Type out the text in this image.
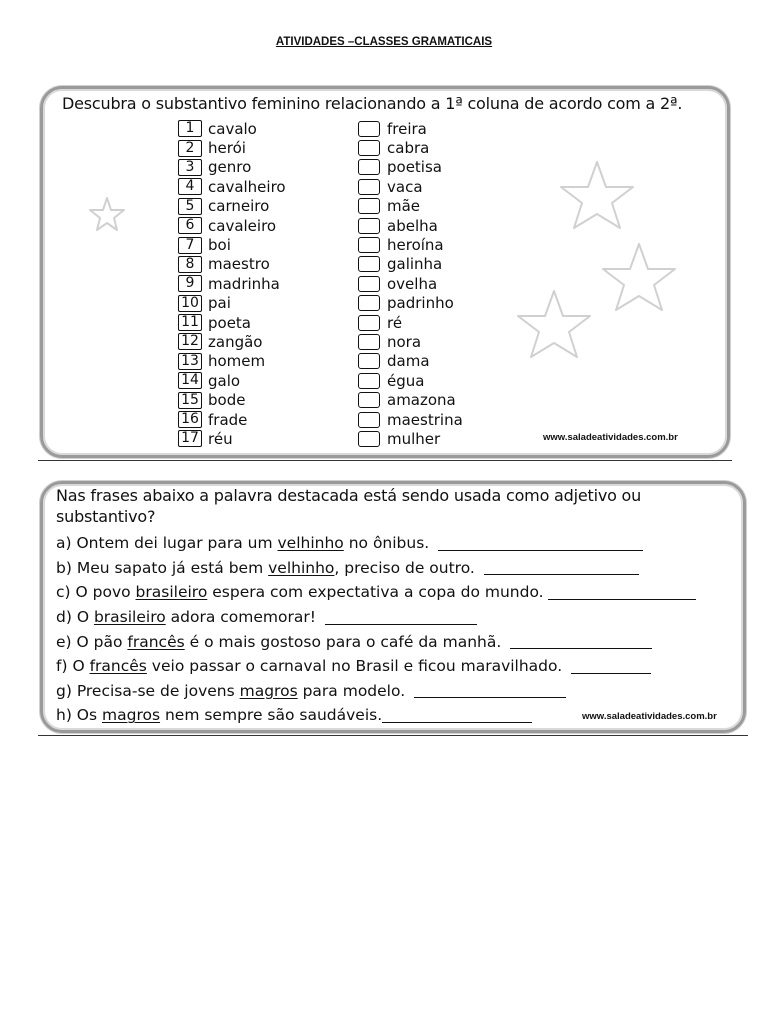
ATIVIDADES –CLASSES GRAMATICAIS
Descubra o substantivo feminino relacionando a 1ª coluna de acordo com a 2ª.
1 cavalo
2 herói
3 genro
4 cavalheiro
5 carneiro
6 cavaleiro
7 boi
8 maestro
9 madrinha
10 pai
11 poeta
12 zangão
13 homem
14 galo
15 bode
16 frade
17 réu
freira
cabra
poetisa
vaca
mãe
abelha
heroína
galinha
ovelha
padrinho
ré
nora
dama
égua
amazona
maestrina
mulher	www.saladeatividades.com.br
Nas frases abaixo a palavra destacada está sendo usada como adjetivo ou substantivo?
a) Ontem dei lugar para um velhinho no ônibus.
b) Meu sapato já está bem velhinho , preciso de outro.
c) O povo brasileiro espera com expectativa a copa do mundo.
d) O brasileiro adora comemorar!
e) O pão francês é o mais gostoso para o café da manhã.
f) O francês veio passar o carnaval no Brasil e ficou maravilhado.
g) Precisa-se de jovens magros para modelo.
h) Os magros nem sempre são saudáveis.	www.saladeatividades.com.br
